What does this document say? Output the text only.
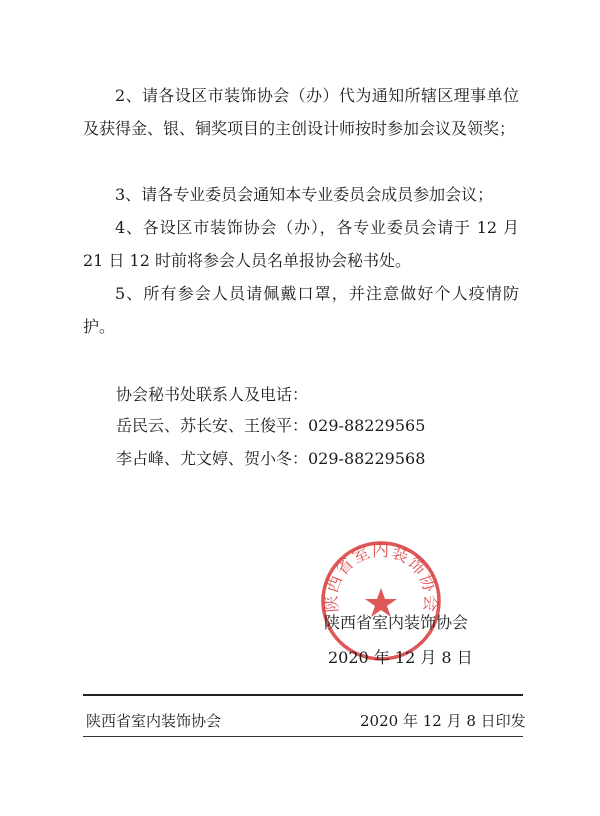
2、请各设区市装饰协会（办）代为通知所辖区理事单位及获得金、银、铜奖项目的主创设计师按时参加会议及领奖；

3、请各专业委员会通知本专业委员会成员参加会议；

4、各设区市装饰协会（办），各专业委员会请于 12 月 21 日 12 时前将参会人员名单报协会秘书处。

5、所有参会人员请佩戴口罩，并注意做好个人疫情防护。

协会秘书处联系人及电话：

岳民云、苏长安、王俊平：029-88229565

李占峰、尤文婷、贺小冬：029-88229568

陕西省室内装饰协会

陕西省室内装饰协会

2020 年 12 月 8 日

陕西省室内装饰协会	2020 年 12 月 8 日印发
